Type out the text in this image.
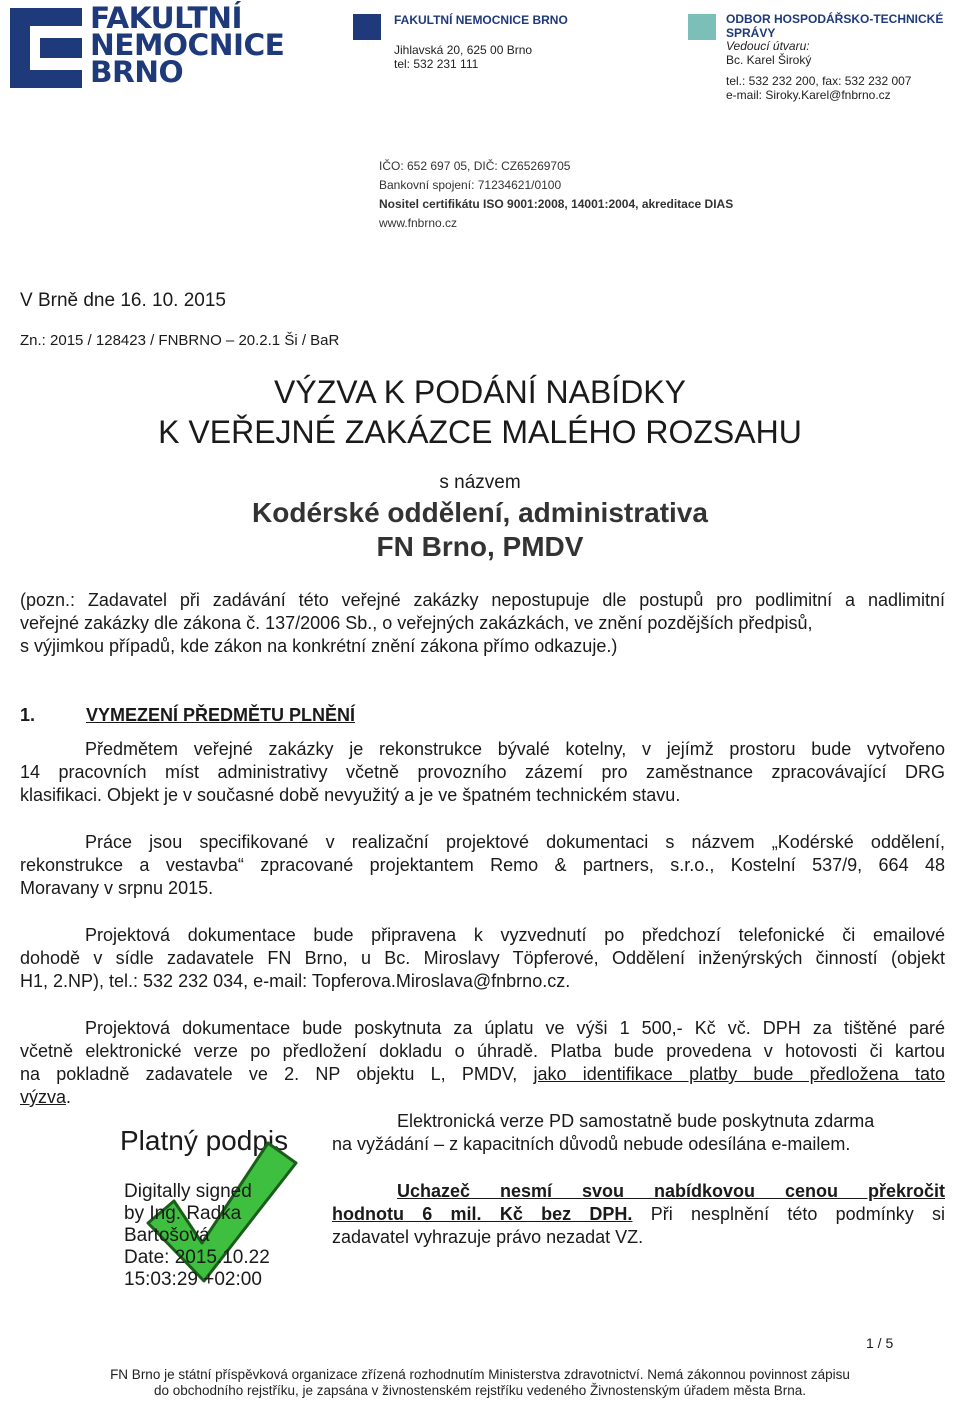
FAKULTNÍ
NEMOCNICE
BRNO
FAKULTNÍ NEMOCNICE BRNO
Jihlavská 20, 625 00 Brno
tel: 532 231 111
ODBOR HOSPODÁŘSKO-TECHNICKÉ
SPRÁVY
Vedoucí útvaru:
Bc. Karel Široký
tel.: 532 232 200, fax: 532 232 007
e-mail: Siroky.Karel@fnbrno.cz
IČO: 652 697 05, DIČ: CZ65269705
Bankovní spojení: 71234621/0100
Nositel certifikátu ISO 9001:2008, 14001:2004, akreditace DIAS
www.fnbrno.cz
V Brně dne 16. 10. 2015
Zn.: 2015 / 128423 / FNBRNO – 20.2.1 Ši / BaR
VÝZVA K PODÁNÍ NABÍDKY
K VEŘEJNÉ ZAKÁZCE MALÉHO ROZSAHU
s názvem
Kodérské oddělení, administrativa
FN Brno, PMDV
(pozn.: Zadavatel při zadávání této veřejné zakázky nepostupuje dle postupů pro podlimitní a nadlimitní
veřejné zakázky dle zákona č. 137/2006 Sb., o veřejných zakázkách, ve znění pozdějších předpisů,
s výjimkou případů, kde zákon na konkrétní znění zákona přímo odkazuje.)
1.	VYMEZENÍ PŘEDMĚTU PLNĚNÍ
Předmětem veřejné zakázky je rekonstrukce bývalé kotelny, v jejímž prostoru bude vytvořeno
14 pracovních míst administrativy včetně provozního zázemí pro zaměstnance zpracovávající DRG
klasifikaci. Objekt je v současné době nevyužitý a je ve špatném technickém stavu.
Práce jsou specifikované v realizační projektové dokumentaci s názvem „Kodérské oddělení,
rekonstrukce a vestavba“ zpracované projektantem Remo & partners, s.r.o., Kostelní 537/9, 664 48
Moravany v srpnu 2015.
Projektová dokumentace bude připravena k vyzvednutí po předchozí telefonické či emailové
dohodě v sídle zadavatele FN Brno, u Bc. Miroslavy Töpferové, Oddělení inženýrských činností (objekt
H1, 2.NP), tel.: 532 232 034, e-mail: Topferova.Miroslava@fnbrno.cz.
Projektová dokumentace bude poskytnuta za úplatu ve výši 1 500,- Kč vč. DPH za tištěné paré
včetně elektronické verze po předložení dokladu o úhradě. Platba bude provedena v hotovosti či kartou
na pokladně zadavatele ve 2. NP objektu L, PMDV, jako identifikace platby bude předložena tato
výzva.
Elektronická verze PD samostatně bude poskytnuta zdarma
na vyžádání – z kapacitních důvodů nebude odesílána e-mailem.
Uchazeč nesmí svou nabídkovou cenou překročit
hodnotu 6 mil. Kč bez DPH. Při nesplnění této podmínky si
zadavatel vyhrazuje právo nezadat VZ.
Platný podpis
Digitally signed
by Ing. Radka
Bartošová
Date: 2015.10.22
15:03:29 +02:00
1 / 5
FN Brno je státní příspěvková organizace zřízená rozhodnutím Ministerstva zdravotnictví. Nemá zákonnou povinnost zápisu
do obchodního rejstříku, je zapsána v živnostenském rejstříku vedeného Živnostenským úřadem města Brna.
